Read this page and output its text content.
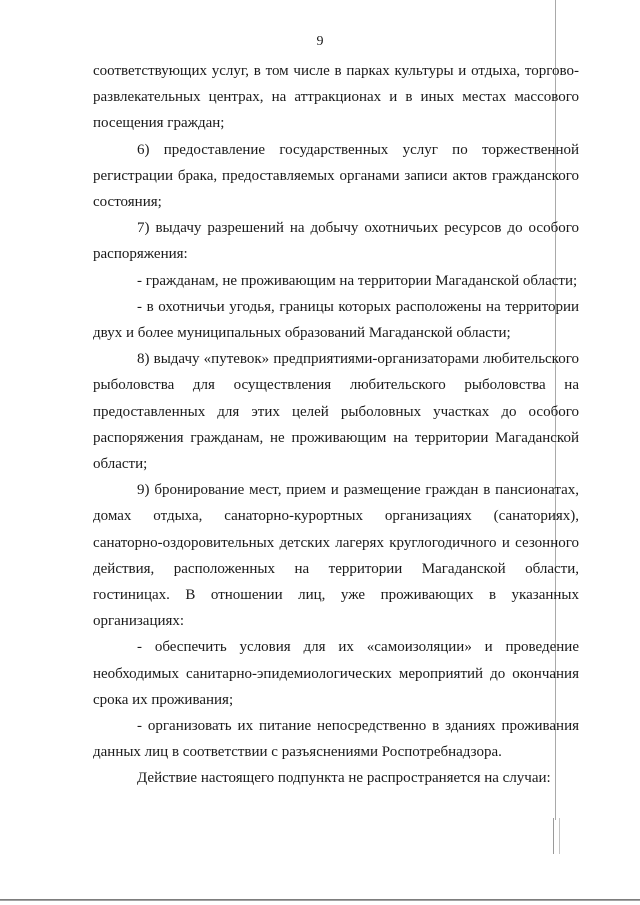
9

соответствующих услуг, в том числе в парках культуры и отдыха, торгово-развлекательных центрах, на аттракционах и в иных местах массового посещения граждан;

6) предоставление государственных услуг по торжественной регистрации брака, предоставляемых органами записи актов гражданского состояния;

7) выдачу разрешений на добычу охотничьих ресурсов до особого распоряжения:

- гражданам, не проживающим на территории Магаданской области;

- в охотничьи угодья, границы которых расположены на территории двух и более муниципальных образований Магаданской области;

8) выдачу «путевок» предприятиями-организаторами любительского рыболовства для осуществления любительского рыболовства на предоставленных для этих целей рыболовных участках до особого распоряжения гражданам, не проживающим на территории Магаданской области;

9) бронирование мест, прием и размещение граждан в пансионатах, домах отдыха, санаторно-курортных организациях (санаториях), санаторно-оздоровительных детских лагерях круглогодичного и сезонного действия, расположенных на территории Магаданской области, гостиницах. В отношении лиц, уже проживающих в указанных организациях:

- обеспечить условия для их «самоизоляции» и проведение необходимых санитарно-эпидемиологических мероприятий до окончания срока их проживания;

- организовать их питание непосредственно в зданиях проживания данных лиц в соответствии с разъяснениями Роспотребнадзора.

Действие настоящего подпункта не распространяется на случаи:
